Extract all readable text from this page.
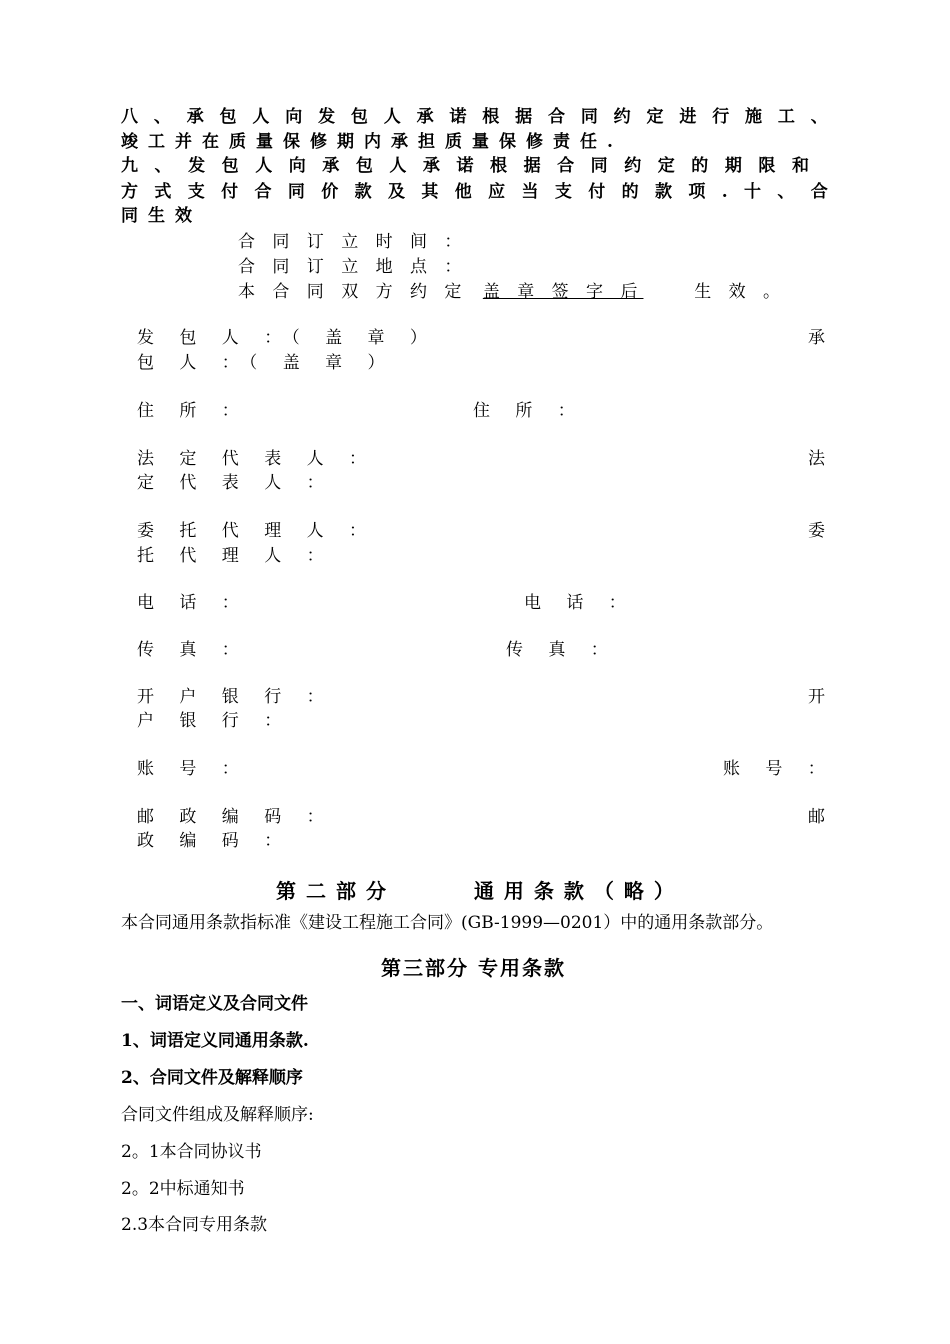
八 、 承 包 人 向 发 包 人 承 诺 根 据 合 同 约 定 进 行 施 工 、
竣工并在质量保修期内承担质量保修责任.
九 、 发 包 人 向 承 包 人 承 诺 根 据 合 同 约 定 的 期 限 和
方 式 支 付 合 同 价 款 及 其 他 应 当 支 付 的 款 项 . 十 、 合
同生效
合 同 订 立 时 间 ：
合 同 订 立 地 点 ：
本 合 同 双 方 约 定 盖 章 签 字 后	生 效 。
发 包 人 ：（ 盖 章 ）	承
包 人 ：（ 盖 章 ）
住 所 ：	住 所 ：
法 定 代 表 人 ：	法
定 代 表 人 ：
委 托 代 理 人 ：	委
托 代 理 人 ：
电 话 ：	电 话 ：
传 真 ：	传 真 ：
开 户 银 行 ：	开
户 银 行 ：
账 号 ：	账 号 ：
邮 政 编 码 ：	邮
政 编 码 ：
第二部分	通用条款（略）
本合同通用条款指标准《建设工程施工合同》(GB-1999—0201）中的通用条款部分。
第三部分 专用条款
一、词语定义及合同文件
1、词语定义同通用条款.
2、合同文件及解释顺序
合同文件组成及解释顺序:
2。1本合同协议书
2。2中标通知书
2.3本合同专用条款
